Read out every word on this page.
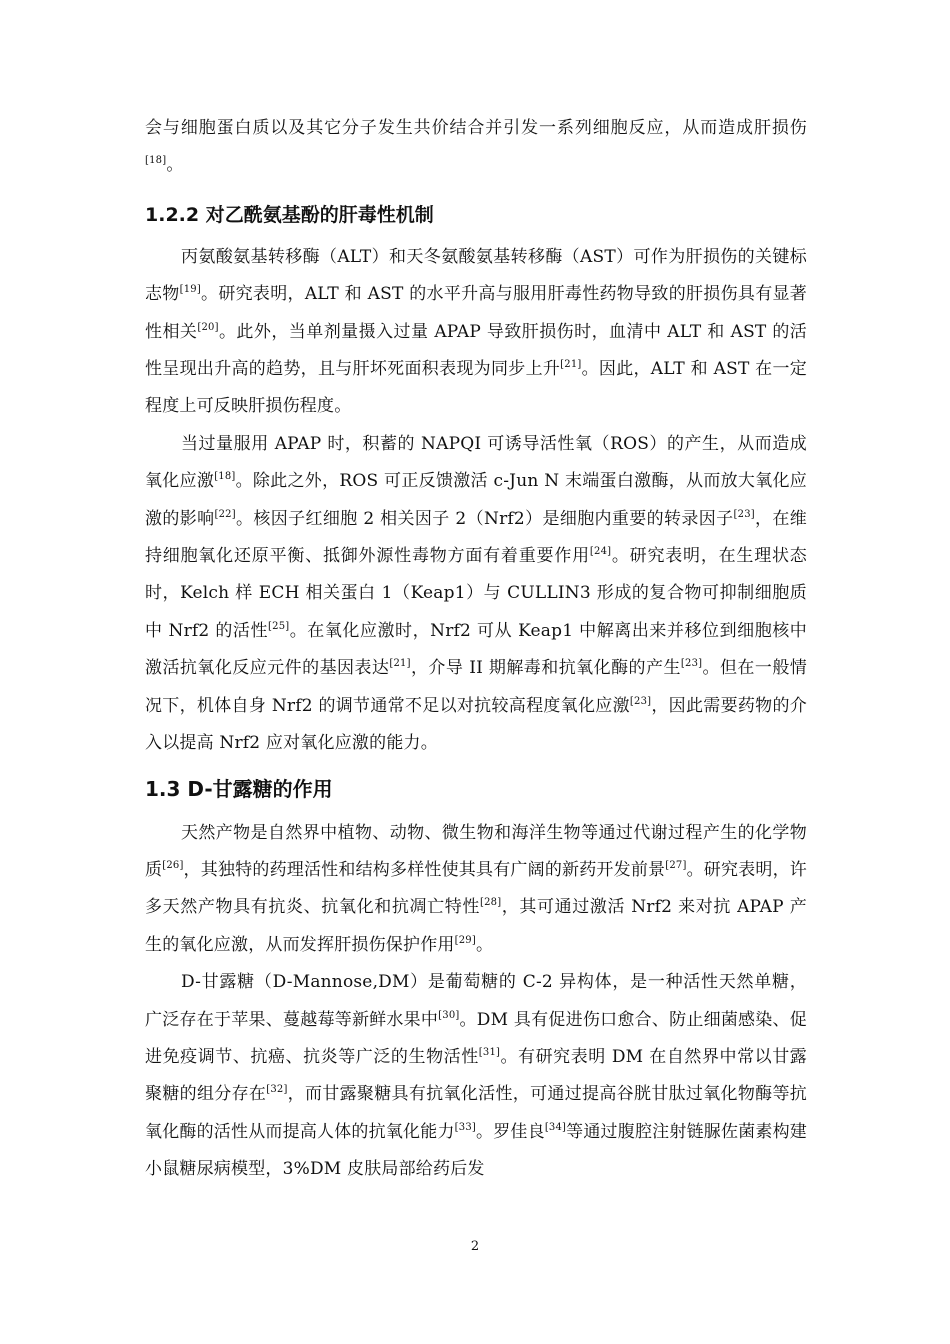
会与细胞蛋白质以及其它分子发生共价结合并引发一系列细胞反应，从而造成肝损伤[18]。

1.2.2 对乙酰氨基酚的肝毒性机制

丙氨酸氨基转移酶（ALT）和天冬氨酸氨基转移酶（AST）可作为肝损伤的关键标志物[19]。研究表明，ALT 和 AST 的水平升高与服用肝毒性药物导致的肝损伤具有显著性相关[20]。此外，当单剂量摄入过量 APAP 导致肝损伤时，血清中 ALT 和 AST 的活性呈现出升高的趋势，且与肝坏死面积表现为同步上升[21]。因此，ALT 和 AST 在一定程度上可反映肝损伤程度。

当过量服用 APAP 时，积蓄的 NAPQI 可诱导活性氧（ROS）的产生，从而造成氧化应激[18]。除此之外，ROS 可正反馈激活 c-Jun N 末端蛋白激酶，从而放大氧化应激的影响[22]。核因子红细胞 2 相关因子 2（Nrf2）是细胞内重要的转录因子[23]，在维持细胞氧化还原平衡、抵御外源性毒物方面有着重要作用[24]。研究表明，在生理状态时，Kelch 样 ECH 相关蛋白 1（Keap1）与 CULLIN3 形成的复合物可抑制细胞质中 Nrf2 的活性[25]。在氧化应激时，Nrf2 可从 Keap1 中解离出来并移位到细胞核中激活抗氧化反应元件的基因表达[21]，介导 II 期解毒和抗氧化酶的产生[23]。但在一般情况下，机体自身 Nrf2 的调节通常不足以对抗较高程度氧化应激[23]，因此需要药物的介入以提高 Nrf2 应对氧化应激的能力。

1.3 D-甘露糖的作用

天然产物是自然界中植物、动物、微生物和海洋生物等通过代谢过程产生的化学物质[26]，其独特的药理活性和结构多样性使其具有广阔的新药开发前景[27]。研究表明，许多天然产物具有抗炎、抗氧化和抗凋亡特性[28]，其可通过激活 Nrf2 来对抗 APAP 产生的氧化应激，从而发挥肝损伤保护作用[29]。

D-甘露糖（D-Mannose,DM）是葡萄糖的 C-2 异构体，是一种活性天然单糖，广泛存在于苹果、蔓越莓等新鲜水果中[30]。DM 具有促进伤口愈合、防止细菌感染、促进免疫调节、抗癌、抗炎等广泛的生物活性[31]。有研究表明 DM 在自然界中常以甘露聚糖的组分存在[32]，而甘露聚糖具有抗氧化活性，可通过提高谷胱甘肽过氧化物酶等抗氧化酶的活性从而提高人体的抗氧化能力[33]。罗佳良[34]等通过腹腔注射链脲佐菌素构建小鼠糖尿病模型，3%DM 皮肤局部给药后发

2
